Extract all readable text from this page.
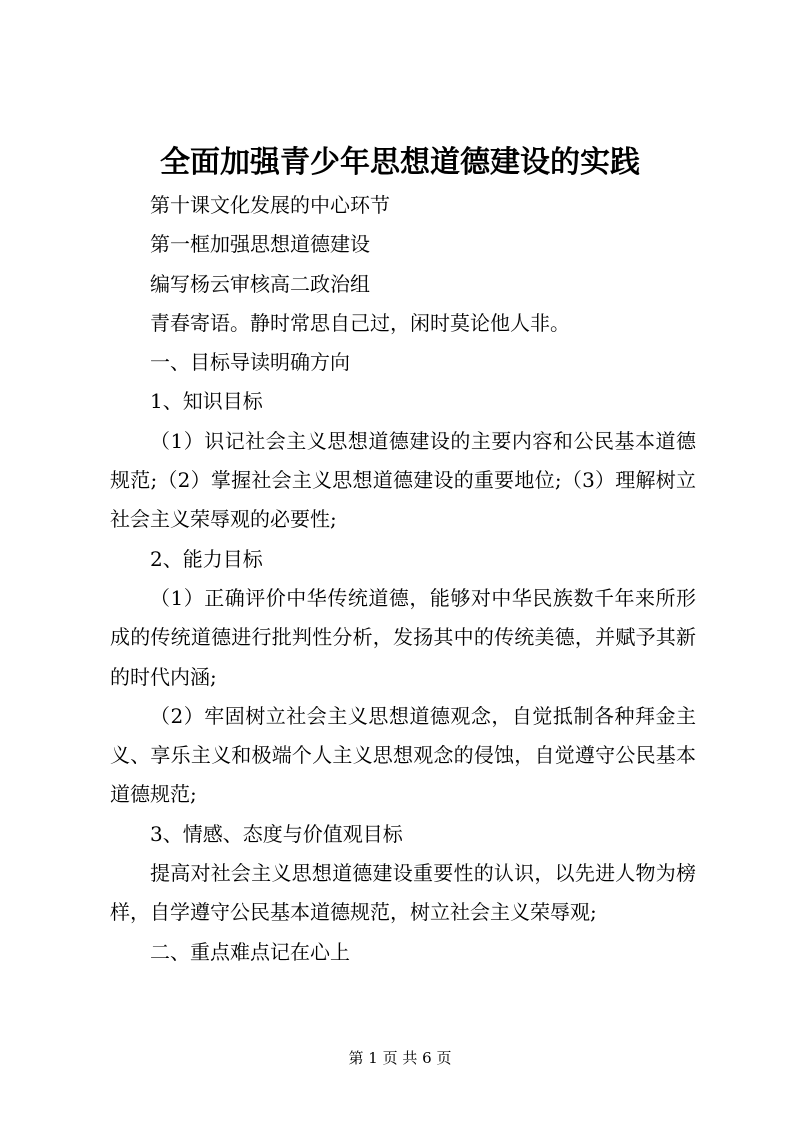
全面加强青少年思想道德建设的实践

第十课文化发展的中心环节

第一框加强思想道德建设

编写杨云审核高二政治组

青春寄语。静时常思自己过，闲时莫论他人非。

一、目标导读明确方向

1、知识目标

（1）识记社会主义思想道德建设的主要内容和公民基本道德规范;（2）掌握社会主义思想道德建设的重要地位;（3）理解树立社会主义荣辱观的必要性;

2、能力目标

（1）正确评价中华传统道德，能够对中华民族数千年来所形成的传统道德进行批判性分析，发扬其中的传统美德，并赋予其新的时代内涵;

（2）牢固树立社会主义思想道德观念，自觉抵制各种拜金主义、享乐主义和极端个人主义思想观念的侵蚀，自觉遵守公民基本道德规范;

3、情感、态度与价值观目标

提高对社会主义思想道德建设重要性的认识，以先进人物为榜样，自学遵守公民基本道德规范，树立社会主义荣辱观;

二、重点难点记在心上

第 1 页 共 6 页
